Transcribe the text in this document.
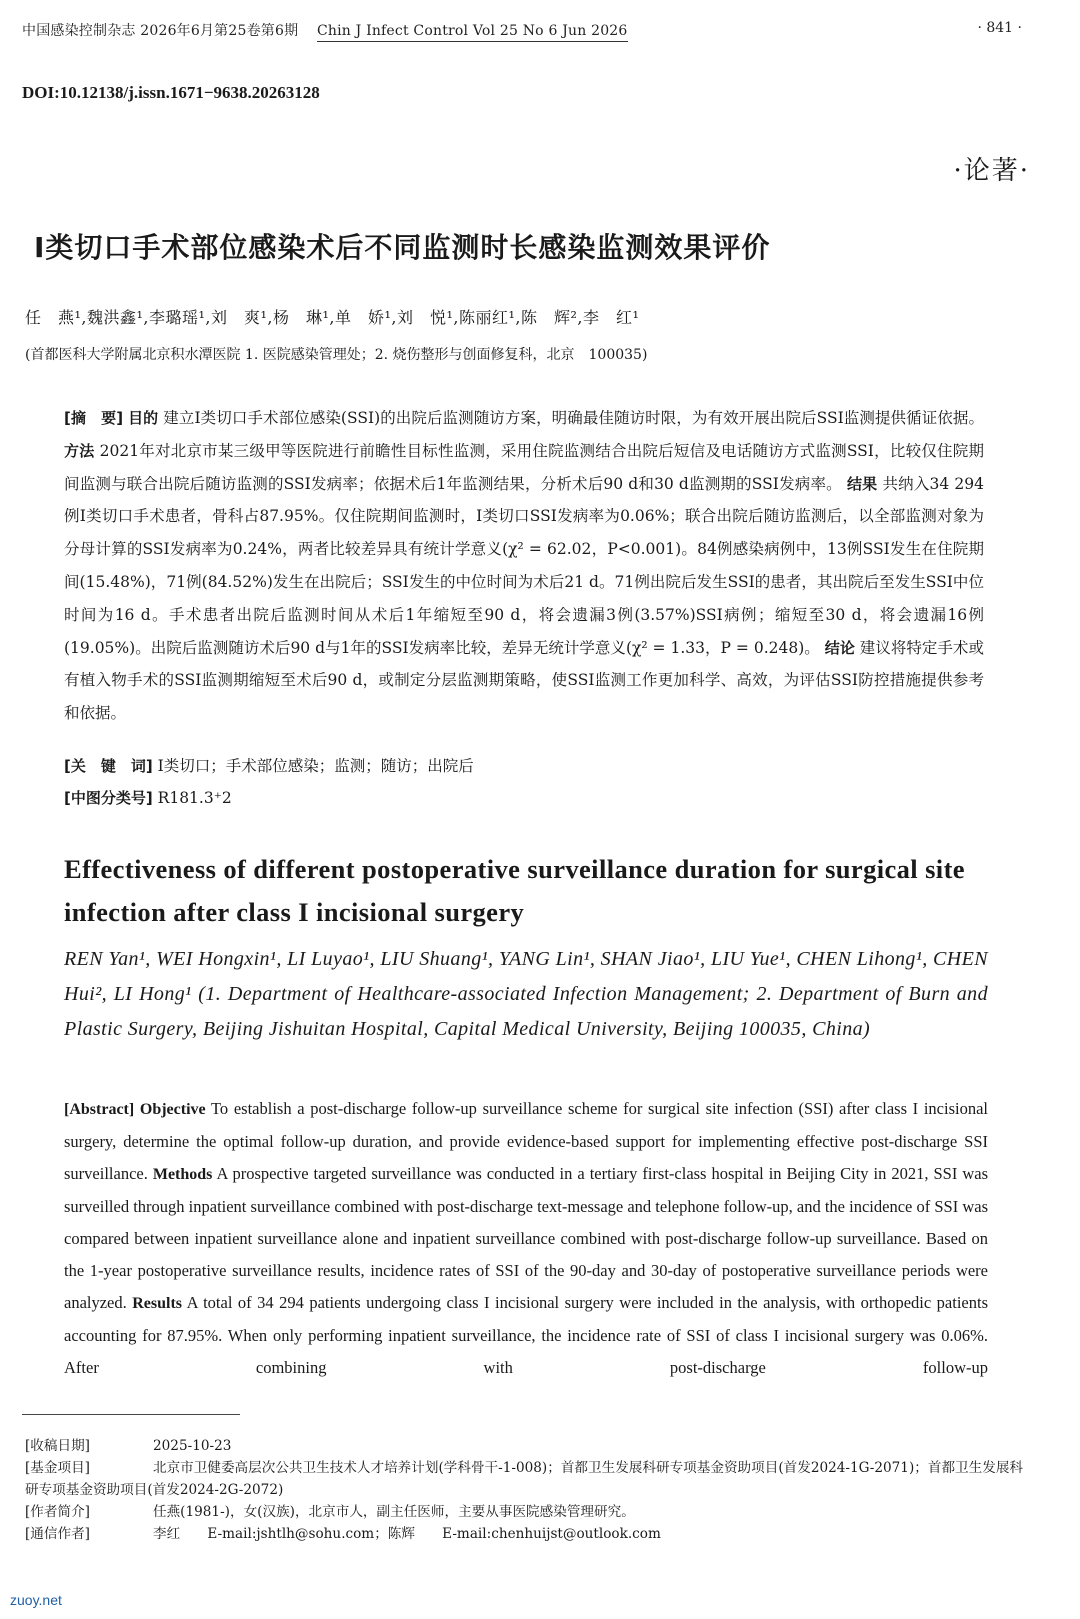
中国感染控制杂志 2026年6月第25卷第6期 Chin J Infect Control Vol 25 No 6 Jun 2026	· 841 ·
DOI:10.12138/j.issn.1671−9638.20263128
·论著·
Ⅰ类切口手术部位感染术后不同监测时长感染监测效果评价
任　燕¹,魏洪鑫¹,李璐瑶¹,刘　爽¹,杨　琳¹,单　娇¹,刘　悦¹,陈丽红¹,陈　辉²,李　红¹
(首都医科大学附属北京积水潭医院 1. 医院感染管理处；2. 烧伤整形与创面修复科，北京　100035)
[摘　要] 目的 建立Ⅰ类切口手术部位感染(SSI)的出院后监测随访方案，明确最佳随访时限，为有效开展出院后SSI监测提供循证依据。 方法 2021年对北京市某三级甲等医院进行前瞻性目标性监测，采用住院监测结合出院后短信及电话随访方式监测SSI，比较仅住院期间监测与联合出院后随访监测的SSI发病率；依据术后1年监测结果，分析术后90 d和30 d监测期的SSI发病率。 结果 共纳入34 294例Ⅰ类切口手术患者，骨科占87.95%。仅住院期间监测时，Ⅰ类切口SSI发病率为0.06%；联合出院后随访监测后，以全部监测对象为分母计算的SSI发病率为0.24%，两者比较差异具有统计学意义(χ² = 62.02，P<0.001)。84例感染病例中，13例SSI发生在住院期间(15.48%)，71例(84.52%)发生在出院后；SSI发生的中位时间为术后21 d。71例出院后发生SSI的患者，其出院后至发生SSI中位时间为16 d。手术患者出院后监测时间从术后1年缩短至90 d，将会遗漏3例(3.57%)SSI病例；缩短至30 d，将会遗漏16例(19.05%)。出院后监测随访术后90 d与1年的SSI发病率比较，差异无统计学意义(χ² = 1.33，P = 0.248)。 结论 建议将特定手术或有植入物手术的SSI监测期缩短至术后90 d，或制定分层监测期策略，使SSI监测工作更加科学、高效，为评估SSI防控措施提供参考和依据。
[关　键　词] Ⅰ类切口；手术部位感染；监测；随访；出院后
[中图分类号] R181.3⁺2
Effectiveness of different postoperative surveillance duration for surgical site infection after class I incisional surgery
REN Yan¹, WEI Hongxin¹, LI Luyao¹, LIU Shuang¹, YANG Lin¹, SHAN Jiao¹, LIU Yue¹, CHEN Lihong¹, CHEN Hui², LI Hong¹ (1. Department of Healthcare-associated Infection Management; 2. Department of Burn and Plastic Surgery, Beijing Jishuitan Hospital, Capital Medical University, Beijing 100035, China)
[Abstract] Objective To establish a post-discharge follow-up surveillance scheme for surgical site infection (SSI) after class I incisional surgery, determine the optimal follow-up duration, and provide evidence-based support for implementing effective post-discharge SSI surveillance. Methods A prospective targeted surveillance was conducted in a tertiary first-class hospital in Beijing City in 2021, SSI was surveilled through inpatient surveillance combined with post-discharge text-message and telephone follow-up, and the incidence of SSI was compared between inpatient surveillance alone and inpatient surveillance combined with post-discharge follow-up surveillance. Based on the 1-year postoperative surveillance results, incidence rates of SSI of the 90-day and 30-day of postoperative surveillance periods were analyzed. Results A total of 34 294 patients undergoing class I incisional surgery were included in the analysis, with orthopedic patients accounting for 87.95%. When only performing inpatient surveillance, the incidence rate of SSI of class I incisional surgery was 0.06%. After combining with post-discharge follow-up
[收稿日期]	2025-10-23
[基金项目]	北京市卫健委高层次公共卫生技术人才培养计划(学科骨干-1-008)；首都卫生发展科研专项基金资助项目(首发2024-1G-2071)；首都卫生发展科研专项基金资助项目(首发2024-2G-2072)
[作者简介]	任燕(1981-)，女(汉族)，北京市人，副主任医师，主要从事医院感染管理研究。
[通信作者]	李红　　E-mail:jshtlh@sohu.com；陈辉　　E-mail:chenhuijst@outlook.com
zuoy.net
